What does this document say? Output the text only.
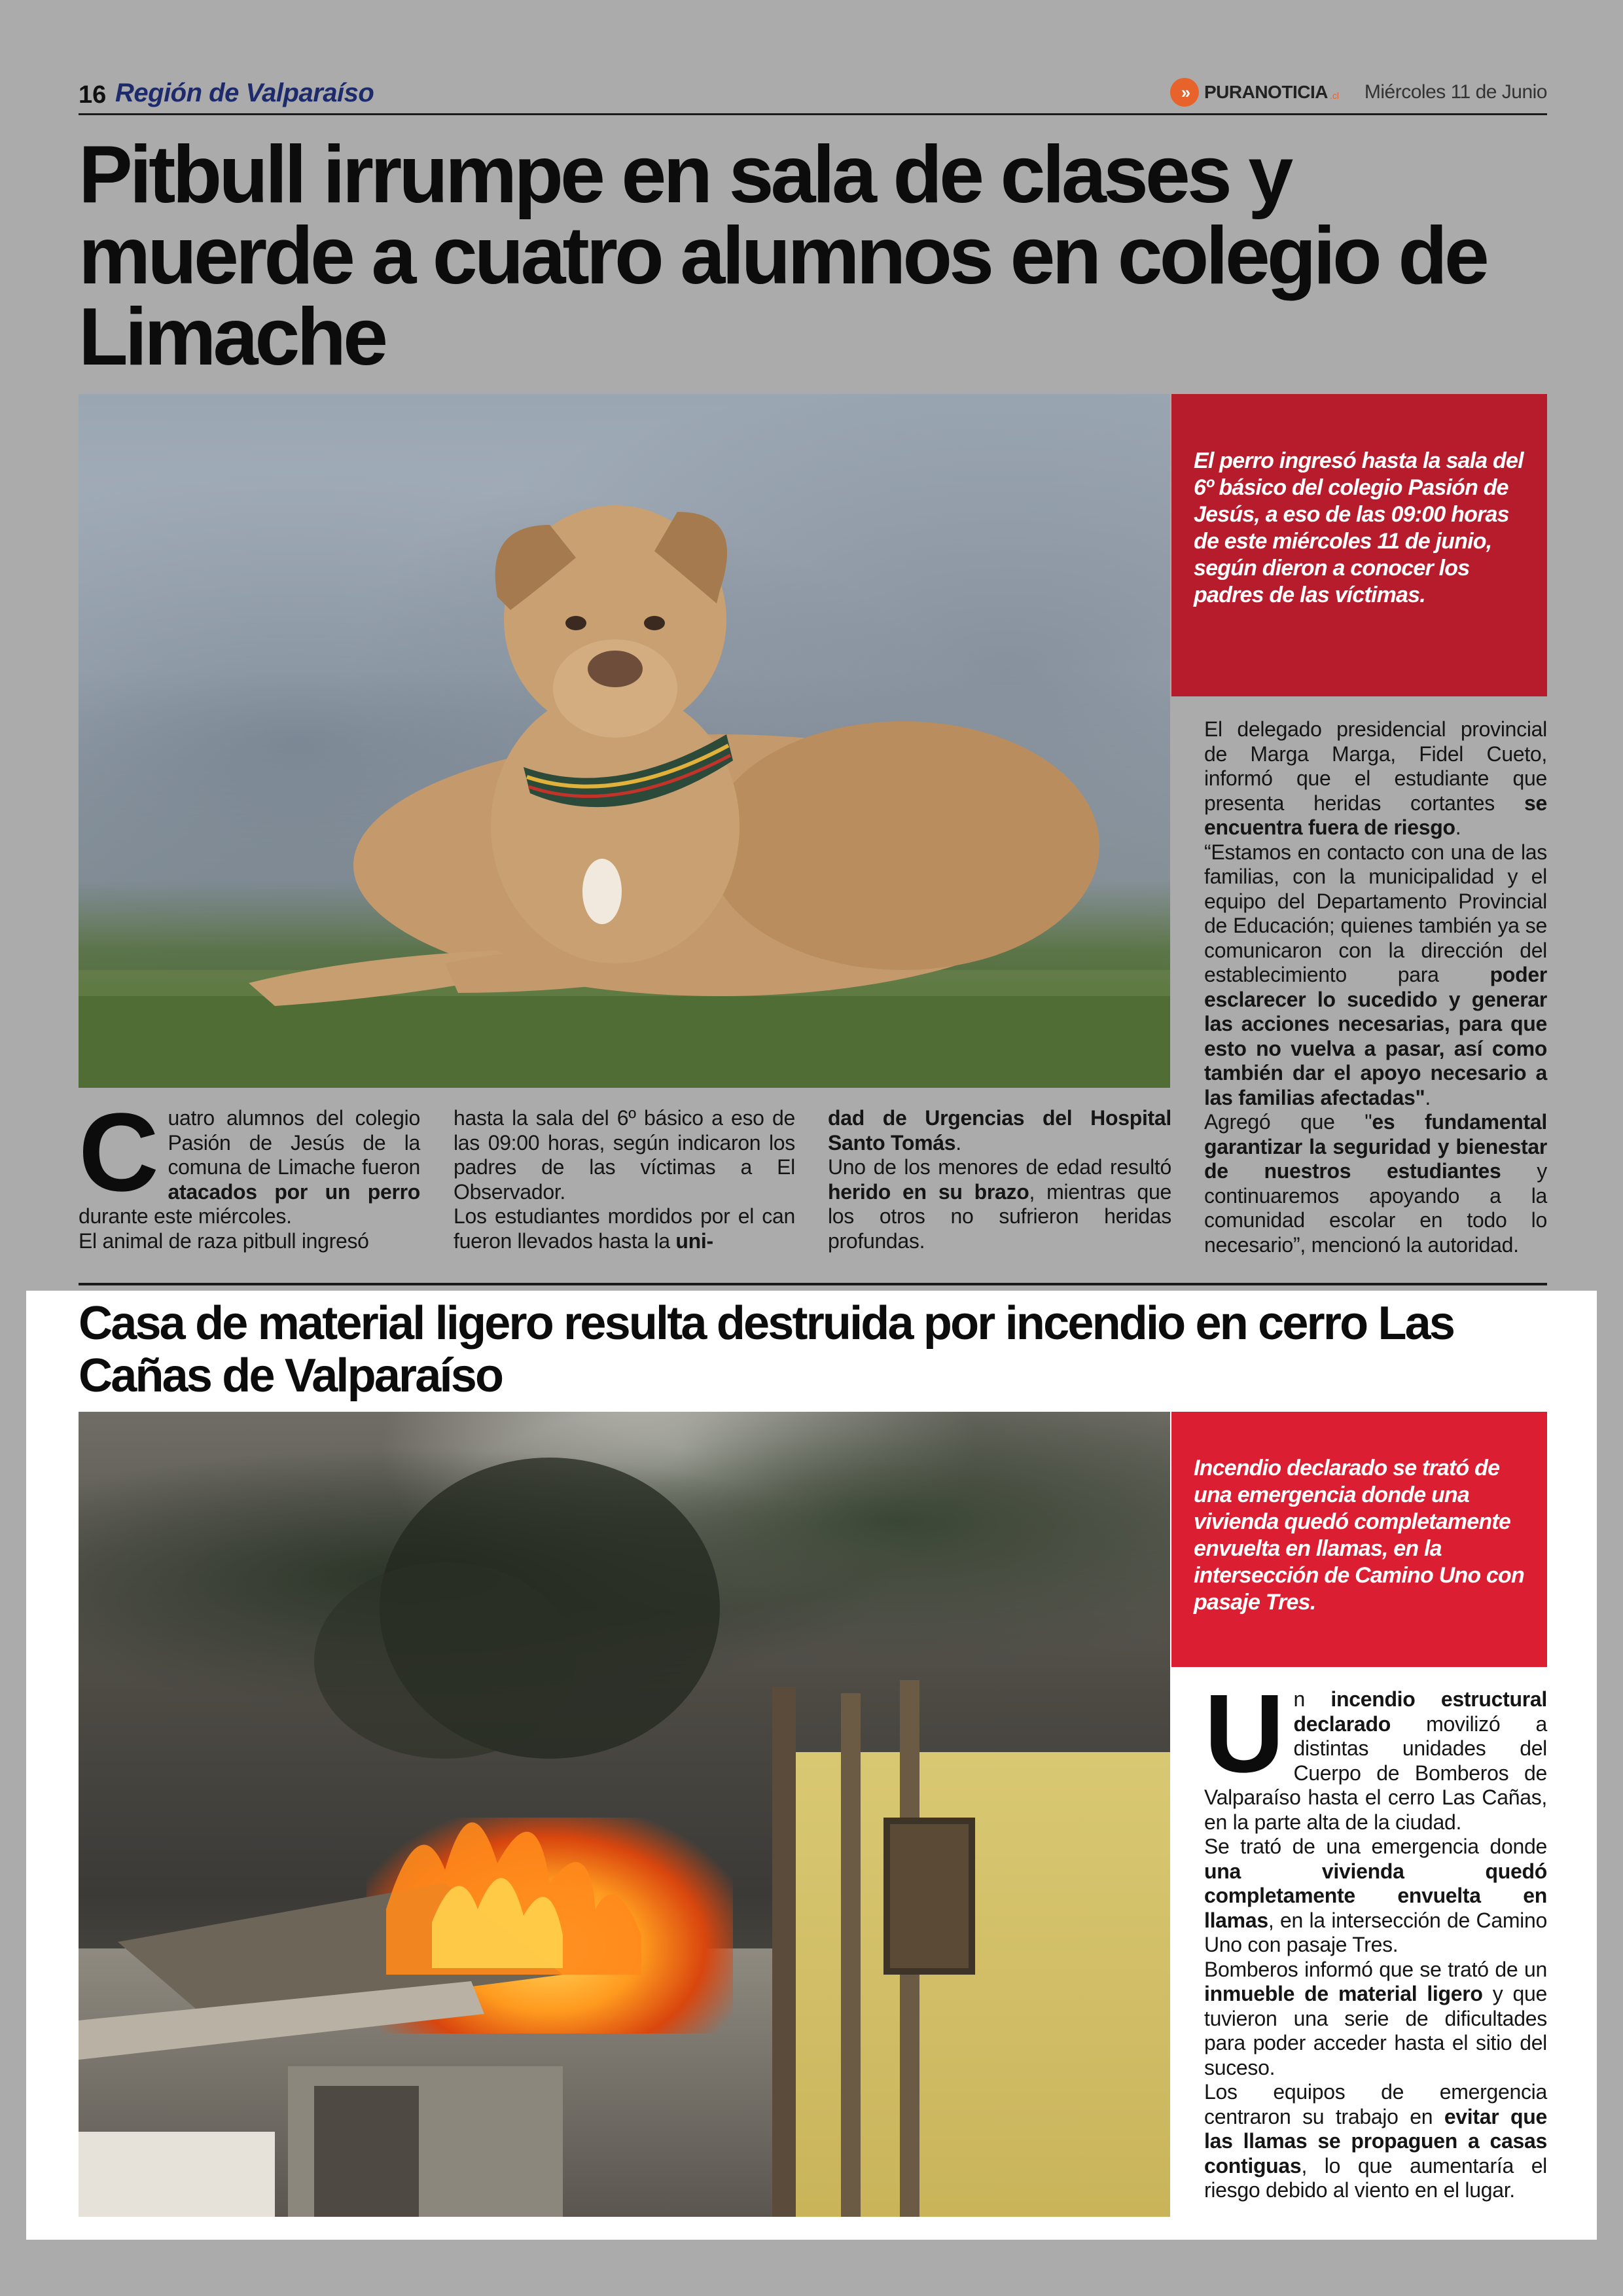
16 Región de Valparaíso	» PURANOTICIA .cl Miércoles 11 de Junio
Pitbull irrumpe en sala de clases y muerde a cuatro alumnos en colegio de Limache
El perro ingresó hasta la sala del 6º básico del colegio Pasión de Jesús, a eso de las 09:00 horas de este miércoles 11 de junio, según dieron a conocer los padres de las víctimas.
C uatro alumnos del colegio Pasión de Jesús de la comuna de Limache fueron atacados por un perro durante este miércoles.

El animal de raza pitbull ingresó

hasta la sala del 6º básico a eso de las 09:00 horas, según indicaron los padres de las víctimas a El Observador.

Los estudiantes mordidos por el can fueron llevados hasta la uni-

dad de Urgencias del Hospital Santo Tomás.

Uno de los menores de edad resultó herido en su brazo, mientras que los otros no sufrieron heridas profundas.

El delegado presidencial provincial de Marga Marga, Fidel Cueto, informó que el estudiante que presenta heridas cortantes se encuentra fuera de riesgo.

“Estamos en contacto con una de las familias, con la municipalidad y el equipo del Departamento Provincial de Educación; quienes también ya se comunicaron con la dirección del establecimiento para poder esclarecer lo sucedido y generar las acciones necesarias, para que esto no vuelva a pasar, así como también dar el apoyo necesario a las familias afectadas".

Agregó que "es fundamental garantizar la seguridad y bienestar de nuestros estudiantes y continuaremos apoyando a la comunidad escolar en todo lo necesario”, mencionó la autoridad.

Casa de material ligero resulta destruida por incendio en cerro Las Cañas de Valparaíso
Incendio declarado se trató de una emergencia donde una vivienda quedó completamente envuelta en llamas, en la intersección de Camino Uno con pasaje Tres.
U n incendio estructural declarado movilizó a distintas unidades del Cuerpo de Bomberos de Valparaíso hasta el cerro Las Cañas, en la parte alta de la ciudad.

Se trató de una emergencia donde una vivienda quedó completamente envuelta en llamas, en la intersección de Camino Uno con pasaje Tres.

Bomberos informó que se trató de un inmueble de material ligero y que tuvieron una serie de dificultades para poder acceder hasta el sitio del suceso.

Los equipos de emergencia centraron su trabajo en evitar que las llamas se propaguen a casas contiguas, lo que aumentaría el riesgo debido al viento en el lugar.
